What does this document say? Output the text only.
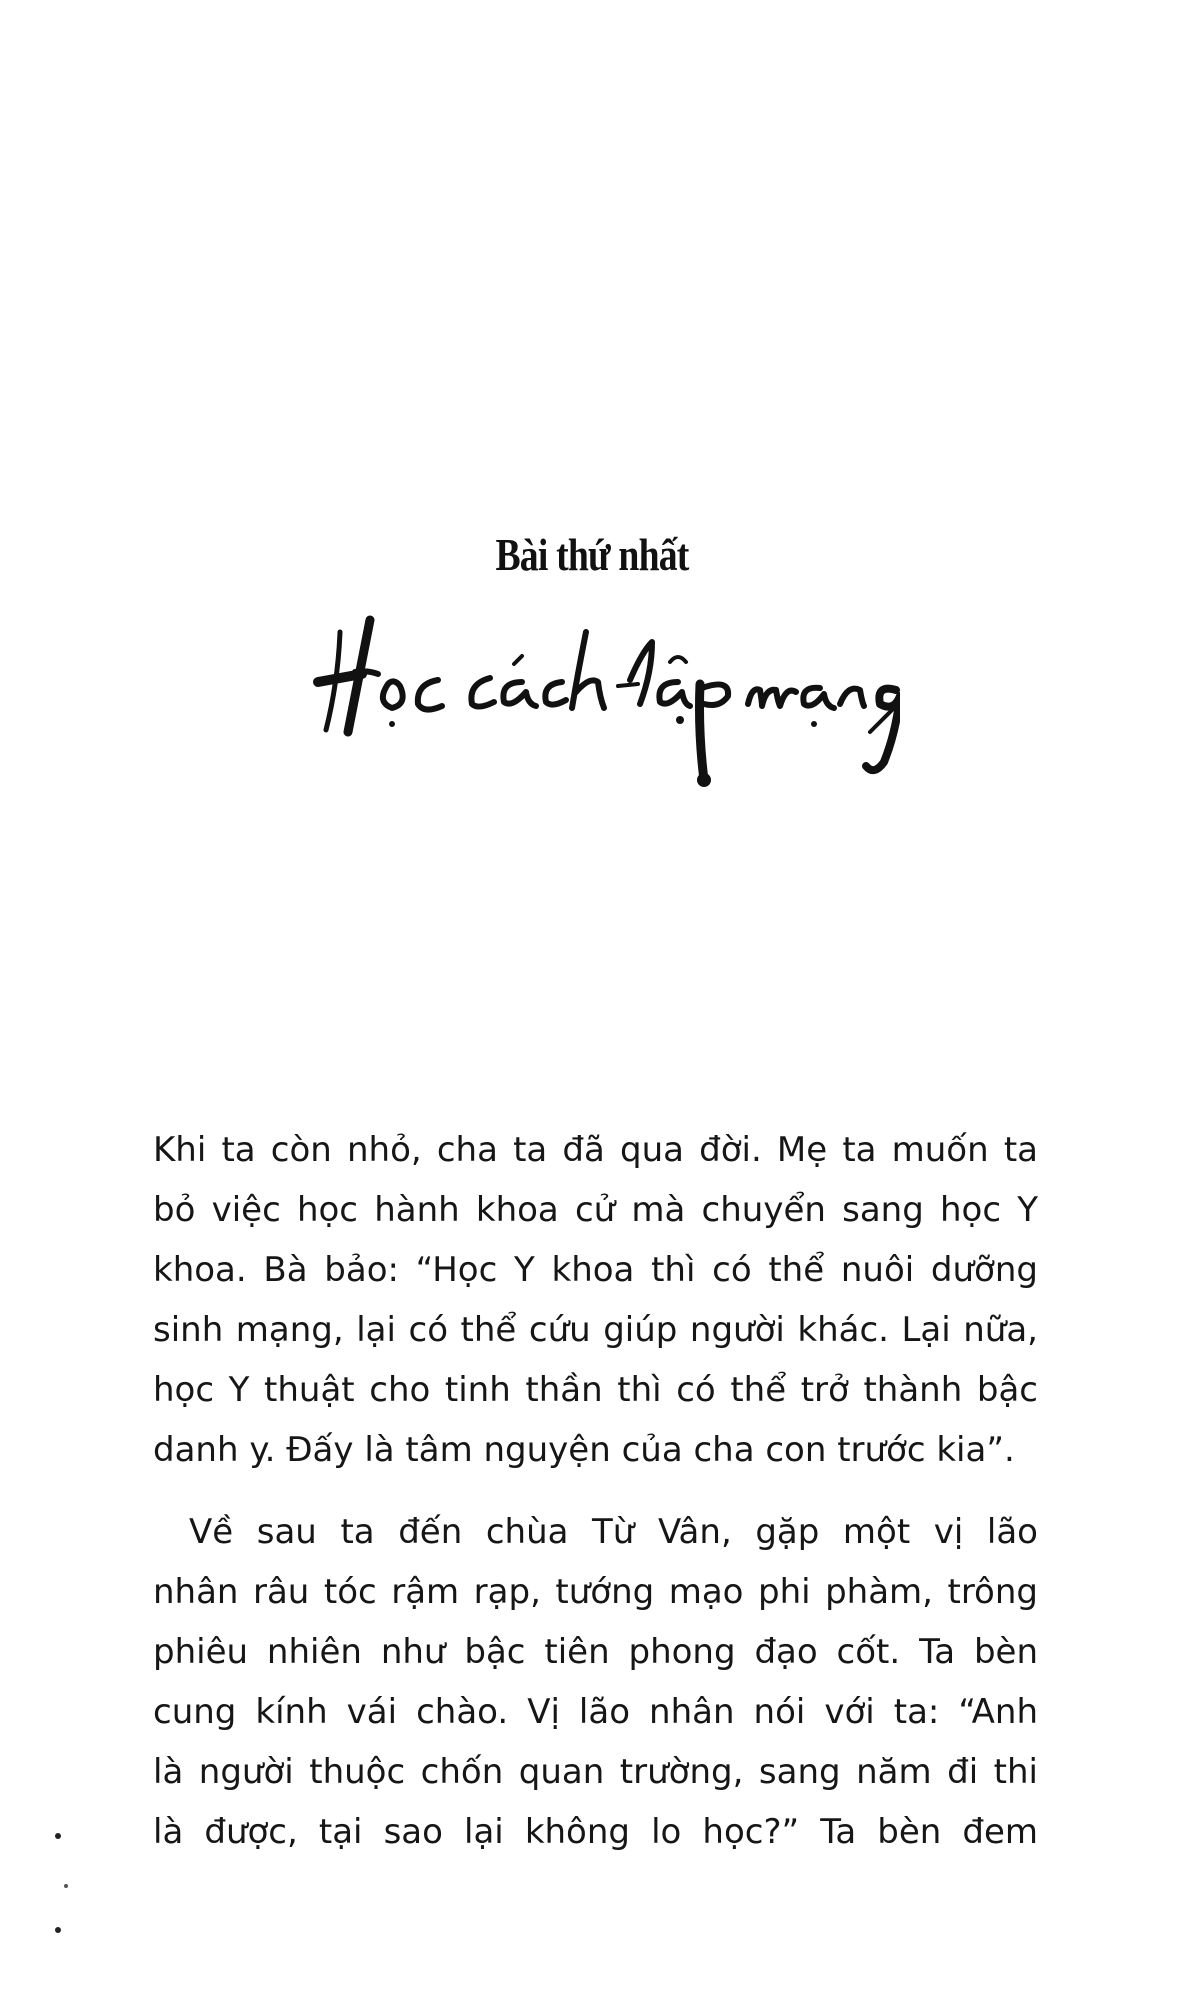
Bài thứ nhất
Khi ta còn nhỏ, cha ta đã qua đời. Mẹ ta muốn ta
bỏ việc học hành khoa cử mà chuyển sang học Y
khoa. Bà bảo: “Học Y khoa thì có thể nuôi dưỡng
sinh mạng, lại có thể cứu giúp người khác. Lại nữa,
học Y thuật cho tinh thần thì có thể trở thành bậc
danh y. Đấy là tâm nguyện của cha con trước kia”.
Về sau ta đến chùa Từ Vân, gặp một vị lão
nhân râu tóc rậm rạp, tướng mạo phi phàm, trông
phiêu nhiên như bậc tiên phong đạo cốt. Ta bèn
cung kính vái chào. Vị lão nhân nói với ta: “Anh
là người thuộc chốn quan trường, sang năm đi thi
là được, tại sao lại không lo học?” Ta bèn đem
